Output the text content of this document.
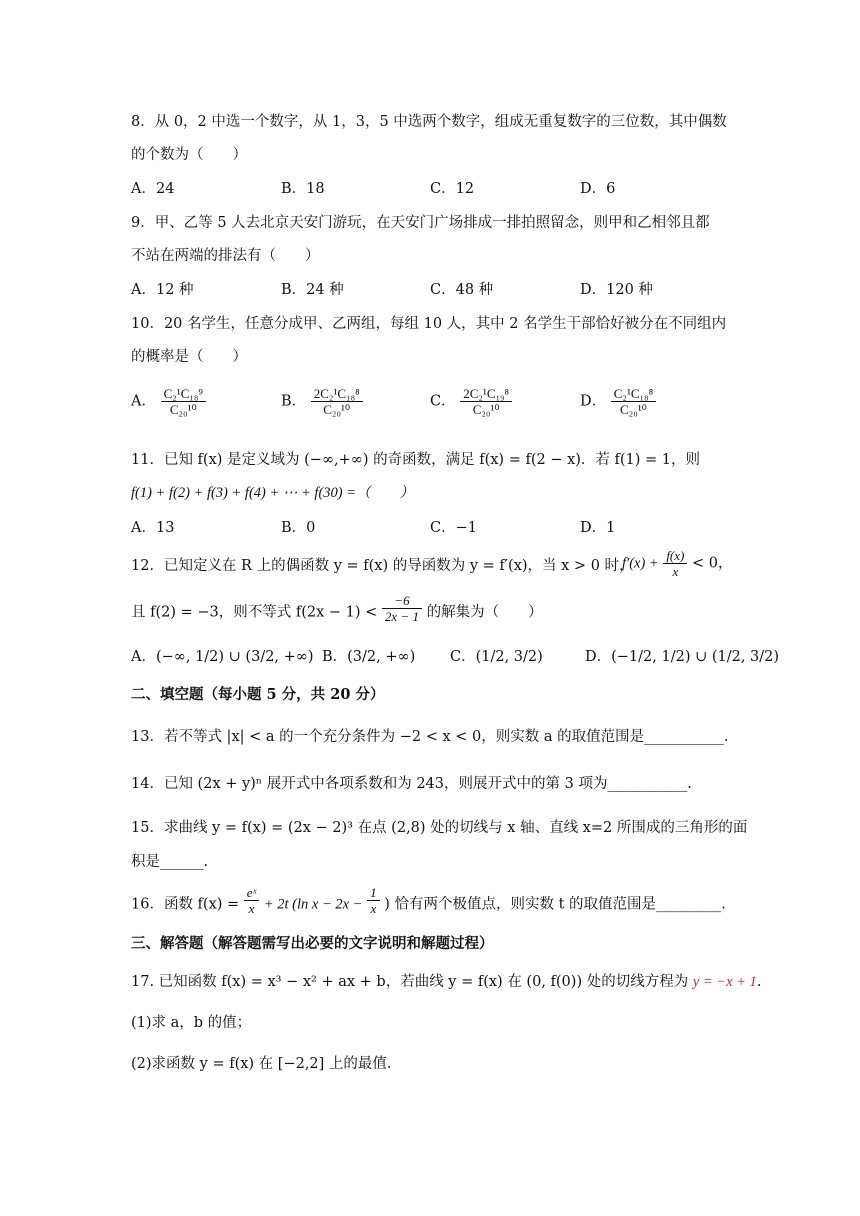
8．从 0，2 中选一个数字，从 1，3，5 中选两个数字，组成无重复数字的三位数，其中偶数
的个数为（　　）
A．24	B．18	C．12	D．6
9．甲、乙等 5 人去北京天安门游玩，在天安门广场排成一排拍照留念，则甲和乙相邻且都
不站在两端的排法有（　　）
A．12 种	B．24 种	C．48 种	D．120 种
10．20 名学生，任意分成甲、乙两组，每组 10 人，其中 2 名学生干部恰好被分在不同组内
的概率是（　　）
A． $\frac{\text{C₂¹C₁₈⁹}}{\text{C₂₀¹⁰}}$	B． $\frac{\text{2C₂¹C₁₈⁸}}{\text{C₂₀¹⁰}}$	C． $\frac{\text{2C₂¹C₁₉⁸}}{\text{C₂₀¹⁰}}$	D． $\frac{\text{C₂¹C₁₈⁸}}{\text{C₂₀¹⁰}}$
11．已知 f(x) 是定义域为 (−∞,+∞) 的奇函数，满足 f(x) = f(2 − x)．若 f(1) = 1，则
f(1) + f(2) + f(3) + f(4) + ⋯ + f(30) =（　　）
A．13	B．0	C．−1	D．1
12．已知定义在 R 上的偶函数 y = f(x) 的导函数为 y = f′(x)，当 x > 0 时，
$f'(x) + \frac{f(x)}{x} < 0$，
且 f(2) = −3，则不等式 $f(2x - 1) < \frac{-6}{2x - 1}$ 的解集为（　　）
A．(−∞, 1/2) ∪ (3/2, +∞) B．(3/2, +∞) C．(1/2, 3/2)	D．(−1/2, 1/2) ∪ (1/2, 3/2)
二、填空题（每小题 5 分，共 20 分）
13．若不等式 |x| < a 的一个充分条件为 −2 < x < 0，则实数 a 的取值范围是___________.
14．已知 (2x + y)ⁿ 展开式中各项系数和为 243，则展开式中的第 3 项为___________.
15．求曲线 y = f(x) = (2x − 2)³ 在点 (2,8) 处的切线与 x 轴、直线 x=2 所围成的三角形的面
积是______.
16．函数 $f(x) = \frac{\text{eˣ}}{x} + 2t$ (ln $x - 2x - \frac{1}{x}$ ) 恰有两个极值点，则实数 t 的取值范围是_________.
三、解答题（解答题需写出必要的文字说明和解题过程）
17. 已知函数 f(x) = x³ − x² + ax + b，若曲线 y = f(x) 在 (0, f(0)) 处的切线方程为 y = −x + 1.
(1)求 a，b 的值；
(2)求函数 y = f(x) 在 [−2,2] 上的最值.
